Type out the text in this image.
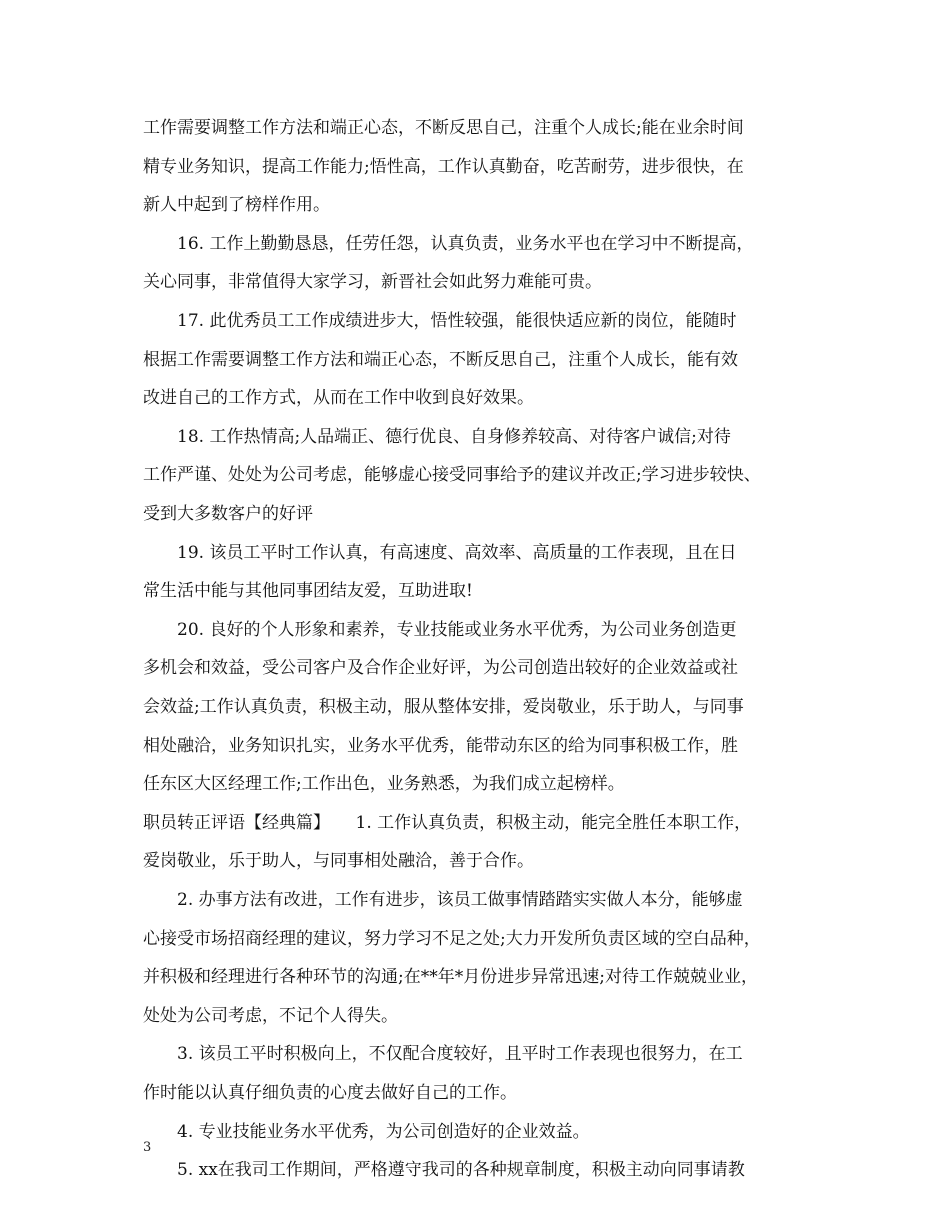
工作需要调整工作方法和端正心态，不断反思自己，注重个人成长;能在业余时间
精专业务知识，提高工作能力;悟性高，工作认真勤奋，吃苦耐劳，进步很快，在
新人中起到了榜样作用。
16. 工作上勤勤恳恳，任劳任怨，认真负责，业务水平也在学习中不断提高，
关心同事，非常值得大家学习，新晋社会如此努力难能可贵。
17. 此优秀员工工作成绩进步大，悟性较强，能很快适应新的岗位，能随时
根据工作需要调整工作方法和端正心态，不断反思自己，注重个人成长，能有效
改进自己的工作方式，从而在工作中收到良好效果。
18. 工作热情高;人品端正、德行优良、自身修养较高、对待客户诚信;对待
工作严谨、处处为公司考虑，能够虚心接受同事给予的建议并改正;学习进步较快、
受到大多数客户的好评
19. 该员工平时工作认真，有高速度、高效率、高质量的工作表现，且在日
常生活中能与其他同事团结友爱，互助进取!
20. 良好的个人形象和素养，专业技能或业务水平优秀，为公司业务创造更
多机会和效益，受公司客户及合作企业好评，为公司创造出较好的企业效益或社
会效益;工作认真负责，积极主动，服从整体安排，爱岗敬业，乐于助人，与同事
相处融洽，业务知识扎实，业务水平优秀，能带动东区的给为同事积极工作，胜
任东区大区经理工作;工作出色，业务熟悉，为我们成立起榜样。
职员转正评语【经典篇】　　1. 工作认真负责，积极主动，能完全胜任本职工作，
爱岗敬业，乐于助人，与同事相处融洽，善于合作。
2. 办事方法有改进，工作有进步，该员工做事情踏踏实实做人本分，能够虚
心接受市场招商经理的建议，努力学习不足之处;大力开发所负责区域的空白品种，
并积极和经理进行各种环节的沟通;在**年*月份进步异常迅速;对待工作兢兢业业，
处处为公司考虑，不记个人得失。
3. 该员工平时积极向上，不仅配合度较好，且平时工作表现也很努力，在工
作时能以认真仔细负责的心度去做好自己的工作。
4. 专业技能业务水平优秀，为公司创造好的企业效益。
5. xx在我司工作期间，严格遵守我司的各种规章制度，积极主动向同事请教
3
